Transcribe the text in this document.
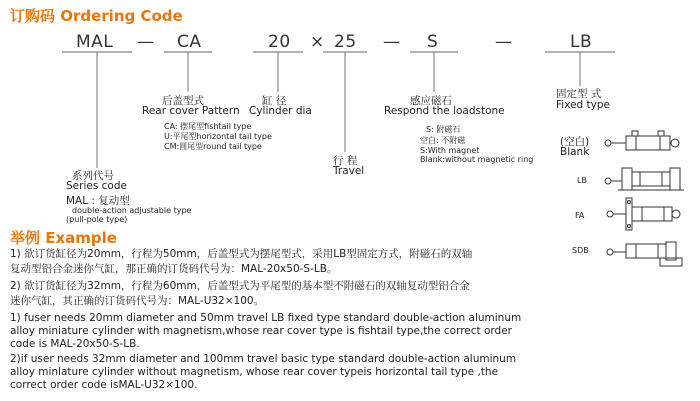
订购码 Ordering Code
MAL — CA	20 × 25 — S	—	LB
后盖型式
Rear cover Pattern
CA: 摆尾型fishtail type
U:平尾型horizontal tail type
CM:圆尾型round tail type
缸 径
Cylinder dia
系列代号
Series code
MAL : 复动型
double-action adjustable type
(pull-pole type)
行 程
Travel
感应磁石
Respond the loadstone
S: 附磁石
空白: 不附磁
S:With magnet
Blank:without magnetic ring
固定型 式
Fixed type
(空白)
Blank
LB
FA
SDB
举例 Example
1) 欲订货缸径为20mm，行程为50mm，后盖型式为摆尾型式，采用LB型固定方式，附磁石的双轴
复动型铝合金迷你气缸，那正确的订货码代号为：MAL-20x50-S-LB。
2) 欲订货缸径为32mm，行程为60mm，后盖型式为平尾型的基本型不附磁石的双轴复动型铝合金
迷你气缸，其正确的订货码代号为：MAL-U32×100。
1) fuser needs 20mm diameter and 50mm travel LB fixed type standard double-action aluminum
alloy miniature cylinder with magnetism,whose rear cover type is fishtail type,the correct order
code is MAL-20x50-S-LB.
2)if user needs 32mm diameter and 100mm travel basic type standard double-action aluminum
alloy minlature cylinder without magnetism, whose rear cover typeis horizontal tail type ,the
correct order code isMAL-U32×100.
